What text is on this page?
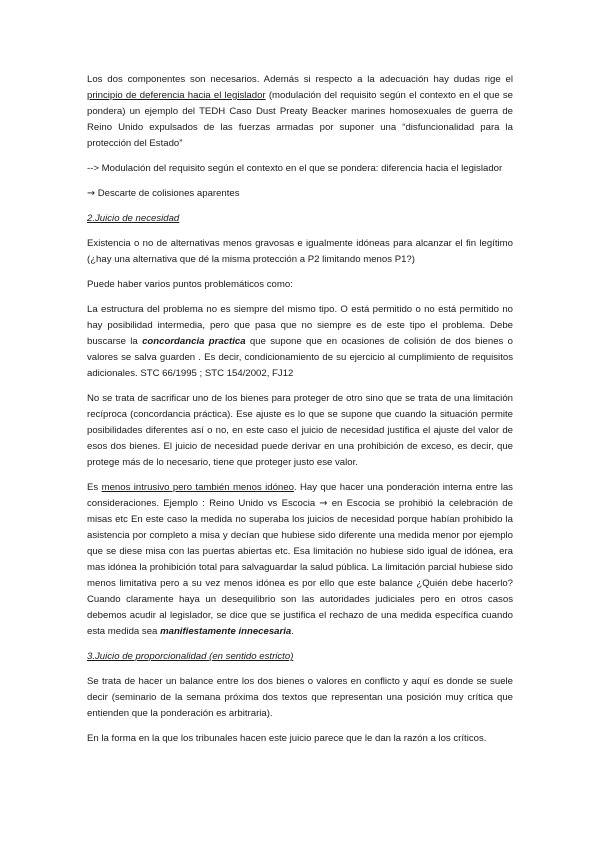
Los dos componentes son necesarios. Además si respecto a la adecuación hay dudas rige el principio de deferencia hacia el legislador (modulación del requisito según el contexto en el que se pondera) un ejemplo del TEDH Caso Dust Preaty Beacker marines homosexuales de guerra de Reino Unido expulsados de las fuerzas armadas por suponer una “disfuncionalidad para la protección del Estado”

--> Modulación del requisito según el contexto en el que se pondera: diferencia hacia el legislador

→ Descarte de colisiones aparentes

2.Juicio de necesidad

Existencia o no de alternativas menos gravosas e igualmente idóneas para alcanzar el fin legítimo (¿hay una alternativa que dé la misma protección a P2 limitando menos P1?)

Puede haber varios puntos problemáticos como:

La estructura del problema no es siempre del mismo tipo. O está permitido o no está permitido no hay posibilidad intermedia, pero que pasa que no siempre es de este tipo el problema. Debe buscarse la concordancia practica que supone que en ocasiones de colisión de dos bienes o valores se salva guarden . Es decir, condicionamiento de su ejercicio al cumplimiento de requisitos adicionales. STC 66/1995 ; STC 154/2002, FJ12

No se trata de sacrificar uno de los bienes para proteger de otro sino que se trata de una limitación recíproca (concordancia práctica). Ese ajuste es lo que se supone que cuando la situación permite posibilidades diferentes así o no, en este caso el juicio de necesidad justifica el ajuste del valor de esos dos bienes. El juicio de necesidad puede derivar en una prohibición de exceso, es decir, que protege más de lo necesario, tiene que proteger justo ese valor.

Es menos intrusivo pero también menos idóneo. Hay que hacer una ponderación interna entre las consideraciones. Ejemplo : Reino Unido vs Escocia → en Escocia se prohibió la celebración de misas etc En este caso la medida no superaba los juicios de necesidad porque habían prohibido la asistencia por completo a misa y decían que hubiese sido diferente una medida menor por ejemplo que se diese misa con las puertas abiertas etc. Esa limitación no hubiese sido igual de idónea, era mas idónea la prohibición total para salvaguardar la salud pública. La limitación parcial hubiese sido menos limitativa pero a su vez menos idónea es por ello que este balance ¿Quién debe hacerlo? Cuando claramente haya un desequilibrio son las autoridades judiciales pero en otros casos debemos acudir al legislador, se dice que se justifica el rechazo de una medida específica cuando esta medida sea manifiestamente innecesaria.

3.Juicio de proporcionalidad (en sentido estricto)

Se trata de hacer un balance entre los dos bienes o valores en conflicto y aquí es donde se suele decir (seminario de la semana próxima dos textos que representan una posición muy crítica que entienden que la ponderación es arbitraria).

En la forma en la que los tribunales hacen este juicio parece que le dan la razón a los críticos.
